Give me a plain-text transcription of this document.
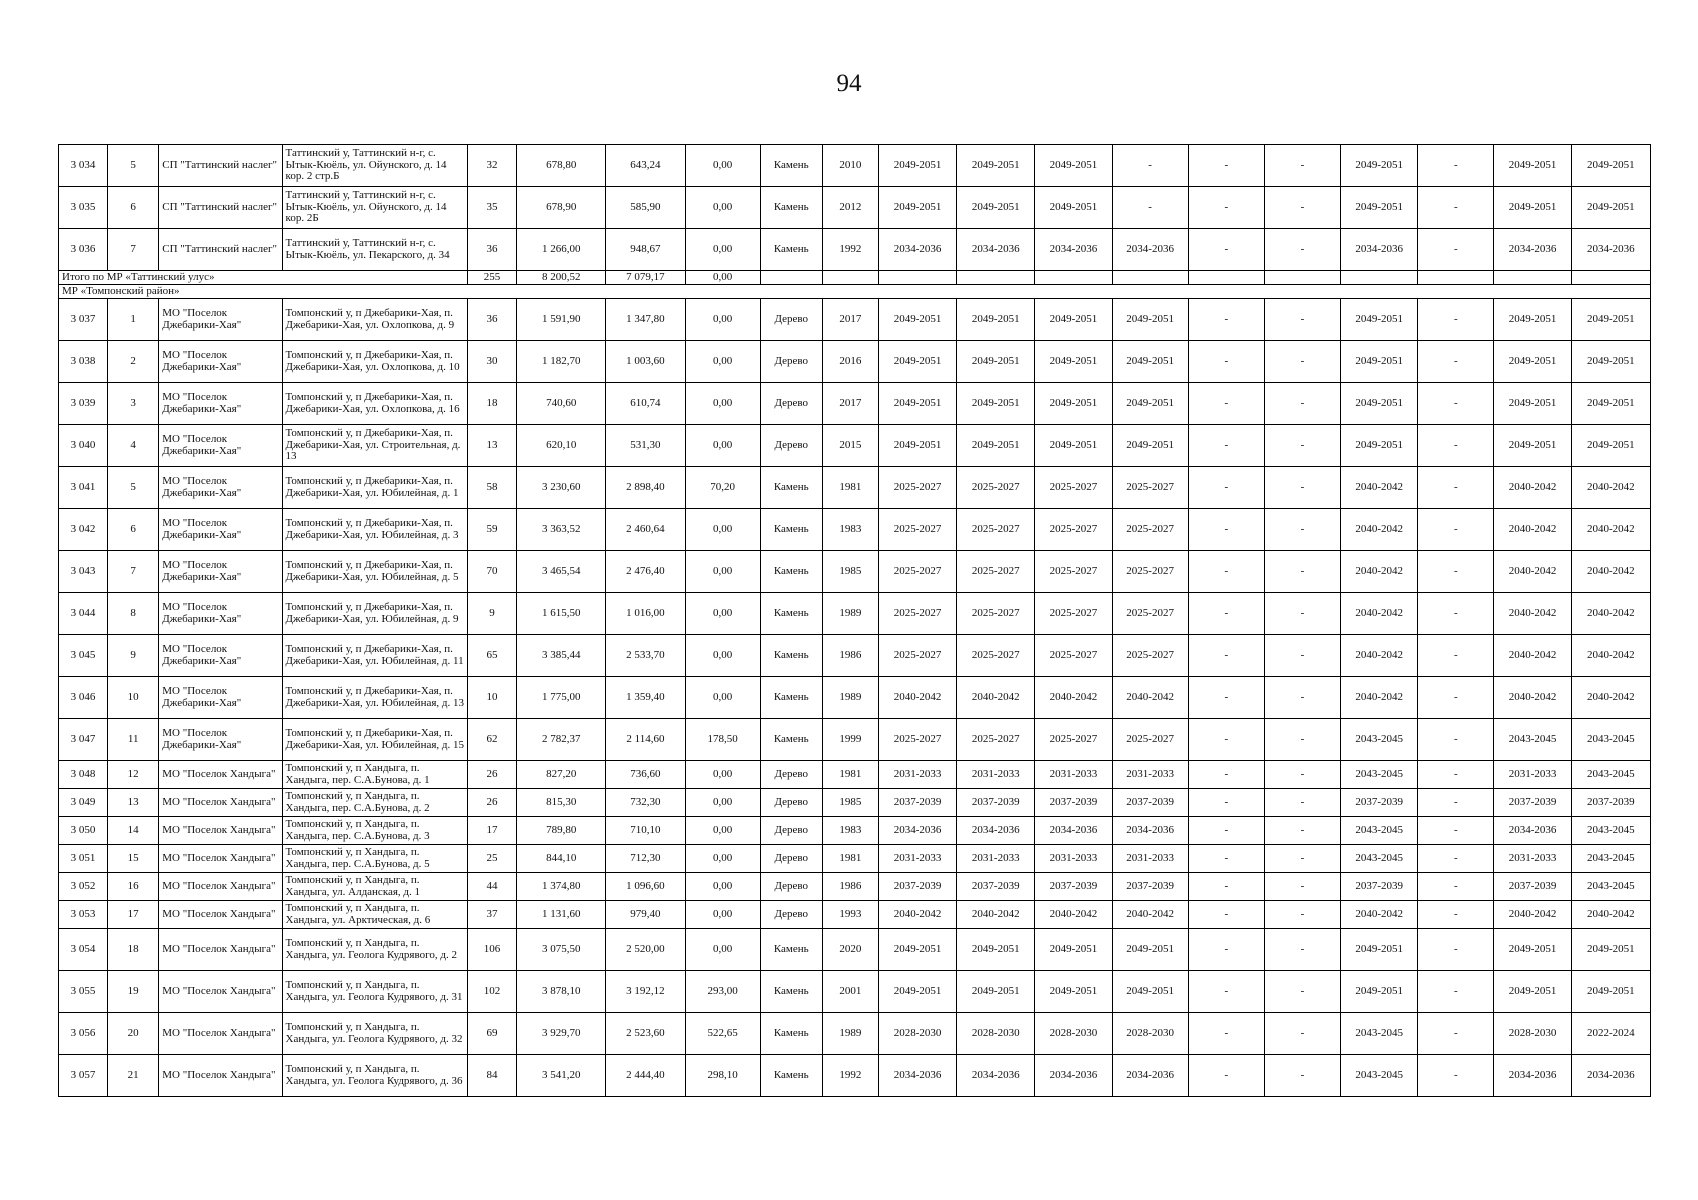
94
3 034	5	СП "Таттинский наслег"	Таттинский у, Таттинский н-г, с. Ытык-Кюёль, ул. Ойунского, д. 14 кор. 2 стр.Б	32	678,80	643,24	0,00	Камень	2010	2049-2051	2049-2051	2049-2051	-	-	-	2049-2051	-	2049-2051	2049-2051
3 035	6	СП "Таттинский наслег"	Таттинский у, Таттинский н-г, с. Ытык-Кюёль, ул. Ойунского, д. 14 кор. 2Б	35	678,90	585,90	0,00	Камень	2012	2049-2051	2049-2051	2049-2051	-	-	-	2049-2051	-	2049-2051	2049-2051
3 036	7	СП "Таттинский наслег"	Таттинский у, Таттинский н-г, с. Ытык-Кюёль, ул. Пекарского, д. 34	36	1 266,00	948,67	0,00	Камень	1992	2034-2036	2034-2036	2034-2036	2034-2036	-	-	2034-2036	-	2034-2036	2034-2036
Итого по МР «Таттинский улус»				255	8 200,52	7 079,17	0,00												
МР «Томпонский район»																			
3 037	1	МО "Поселок Джебарики-Хая"	Томпонский у, п Джебарики-Хая, п. Джебарики-Хая, ул. Охлопкова, д. 9	36	1 591,90	1 347,80	0,00	Дерево	2017	2049-2051	2049-2051	2049-2051	2049-2051	-	-	2049-2051	-	2049-2051	2049-2051
3 038	2	МО "Поселок Джебарики-Хая"	Томпонский у, п Джебарики-Хая, п. Джебарики-Хая, ул. Охлопкова, д. 10	30	1 182,70	1 003,60	0,00	Дерево	2016	2049-2051	2049-2051	2049-2051	2049-2051	-	-	2049-2051	-	2049-2051	2049-2051
3 039	3	МО "Поселок Джебарики-Хая"	Томпонский у, п Джебарики-Хая, п. Джебарики-Хая, ул. Охлопкова, д. 16	18	740,60	610,74	0,00	Дерево	2017	2049-2051	2049-2051	2049-2051	2049-2051	-	-	2049-2051	-	2049-2051	2049-2051
3 040	4	МО "Поселок Джебарики-Хая"	Томпонский у, п Джебарики-Хая, п. Джебарики-Хая, ул. Строительная, д. 13	13	620,10	531,30	0,00	Дерево	2015	2049-2051	2049-2051	2049-2051	2049-2051	-	-	2049-2051	-	2049-2051	2049-2051
3 041	5	МО "Поселок Джебарики-Хая"	Томпонский у, п Джебарики-Хая, п. Джебарики-Хая, ул. Юбилейная, д. 1	58	3 230,60	2 898,40	70,20	Камень	1981	2025-2027	2025-2027	2025-2027	2025-2027	-	-	2040-2042	-	2040-2042	2040-2042
3 042	6	МО "Поселок Джебарики-Хая"	Томпонский у, п Джебарики-Хая, п. Джебарики-Хая, ул. Юбилейная, д. 3	59	3 363,52	2 460,64	0,00	Камень	1983	2025-2027	2025-2027	2025-2027	2025-2027	-	-	2040-2042	-	2040-2042	2040-2042
3 043	7	МО "Поселок Джебарики-Хая"	Томпонский у, п Джебарики-Хая, п. Джебарики-Хая, ул. Юбилейная, д. 5	70	3 465,54	2 476,40	0,00	Камень	1985	2025-2027	2025-2027	2025-2027	2025-2027	-	-	2040-2042	-	2040-2042	2040-2042
3 044	8	МО "Поселок Джебарики-Хая"	Томпонский у, п Джебарики-Хая, п. Джебарики-Хая, ул. Юбилейная, д. 9	9	1 615,50	1 016,00	0,00	Камень	1989	2025-2027	2025-2027	2025-2027	2025-2027	-	-	2040-2042	-	2040-2042	2040-2042
3 045	9	МО "Поселок Джебарики-Хая"	Томпонский у, п Джебарики-Хая, п. Джебарики-Хая, ул. Юбилейная, д. 11	65	3 385,44	2 533,70	0,00	Камень	1986	2025-2027	2025-2027	2025-2027	2025-2027	-	-	2040-2042	-	2040-2042	2040-2042
3 046	10	МО "Поселок Джебарики-Хая"	Томпонский у, п Джебарики-Хая, п. Джебарики-Хая, ул. Юбилейная, д. 13	10	1 775,00	1 359,40	0,00	Камень	1989	2040-2042	2040-2042	2040-2042	2040-2042	-	-	2040-2042	-	2040-2042	2040-2042
3 047	11	МО "Поселок Джебарики-Хая"	Томпонский у, п Джебарики-Хая, п. Джебарики-Хая, ул. Юбилейная, д. 15	62	2 782,37	2 114,60	178,50	Камень	1999	2025-2027	2025-2027	2025-2027	2025-2027	-	-	2043-2045	-	2043-2045	2043-2045
3 048	12	МО "Поселок Хандыга"	Томпонский у, п Хандыга, п. Хандыга, пер. С.А.Бунова, д. 1	26	827,20	736,60	0,00	Дерево	1981	2031-2033	2031-2033	2031-2033	2031-2033	-	-	2043-2045	-	2031-2033	2043-2045
3 049	13	МО "Поселок Хандыга"	Томпонский у, п Хандыга, п. Хандыга, пер. С.А.Бунова, д. 2	26	815,30	732,30	0,00	Дерево	1985	2037-2039	2037-2039	2037-2039	2037-2039	-	-	2037-2039	-	2037-2039	2037-2039
3 050	14	МО "Поселок Хандыга"	Томпонский у, п Хандыга, п. Хандыга, пер. С.А.Бунова, д. 3	17	789,80	710,10	0,00	Дерево	1983	2034-2036	2034-2036	2034-2036	2034-2036	-	-	2043-2045	-	2034-2036	2043-2045
3 051	15	МО "Поселок Хандыга"	Томпонский у, п Хандыга, п. Хандыга, пер. С.А.Бунова, д. 5	25	844,10	712,30	0,00	Дерево	1981	2031-2033	2031-2033	2031-2033	2031-2033	-	-	2043-2045	-	2031-2033	2043-2045
3 052	16	МО "Поселок Хандыга"	Томпонский у, п Хандыга, п. Хандыга, ул. Алданская, д. 1	44	1 374,80	1 096,60	0,00	Дерево	1986	2037-2039	2037-2039	2037-2039	2037-2039	-	-	2037-2039	-	2037-2039	2043-2045
3 053	17	МО "Поселок Хандыга"	Томпонский у, п Хандыга, п. Хандыга, ул. Арктическая, д. 6	37	1 131,60	979,40	0,00	Дерево	1993	2040-2042	2040-2042	2040-2042	2040-2042	-	-	2040-2042	-	2040-2042	2040-2042
3 054	18	МО "Поселок Хандыга"	Томпонский у, п Хандыга, п. Хандыга, ул. Геолога Кудрявого, д. 2	106	3 075,50	2 520,00	0,00	Камень	2020	2049-2051	2049-2051	2049-2051	2049-2051	-	-	2049-2051	-	2049-2051	2049-2051
3 055	19	МО "Поселок Хандыга"	Томпонский у, п Хандыга, п. Хандыга, ул. Геолога Кудрявого, д. 31	102	3 878,10	3 192,12	293,00	Камень	2001	2049-2051	2049-2051	2049-2051	2049-2051	-	-	2049-2051	-	2049-2051	2049-2051
3 056	20	МО "Поселок Хандыга"	Томпонский у, п Хандыга, п. Хандыга, ул. Геолога Кудрявого, д. 32	69	3 929,70	2 523,60	522,65	Камень	1989	2028-2030	2028-2030	2028-2030	2028-2030	-	-	2043-2045	-	2028-2030	2022-2024
3 057	21	МО "Поселок Хандыга"	Томпонский у, п Хандыга, п. Хандыга, ул. Геолога Кудрявого, д. 36	84	3 541,20	2 444,40	298,10	Камень	1992	2034-2036	2034-2036	2034-2036	2034-2036	-	-	2043-2045	-	2034-2036	2034-2036
